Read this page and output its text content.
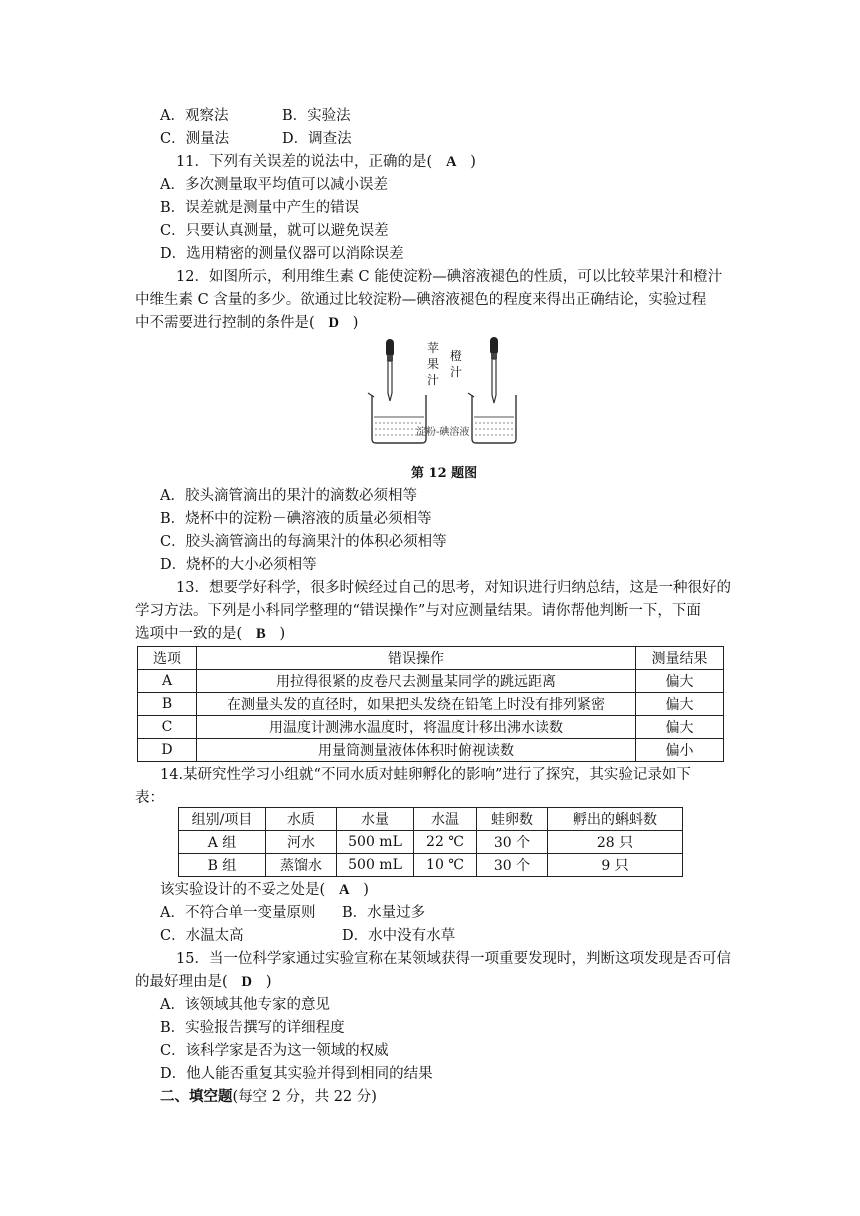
A．观察法	B．实验法
C．测量法	D．调查法
11．下列有关误差的说法中，正确的是( A )
A．多次测量取平均值可以减小误差
B．误差就是测量中产生的错误
C．只要认真测量，就可以避免误差
D．选用精密的测量仪器可以消除误差
12．如图所示，利用维生素 C 能使淀粉—碘溶液褪色的性质，可以比较苹果汁和橙汁
中维生素 C 含量的多少。欲通过比较淀粉—碘溶液褪色的程度来得出正确结论，实验过程
中不需要进行控制的条件是( D )
苹果汁
橙汁
淀粉-碘溶液
第 12 题图
A．胶头滴管滴出的果汁的滴数必须相等
B．烧杯中的淀粉－碘溶液的质量必须相等
C．胶头滴管滴出的每滴果汁的体积必须相等
D．烧杯的大小必须相等
13．想要学好科学，很多时候经过自己的思考，对知识进行归纳总结，这是一种很好的
学习方法。下列是小科同学整理的“错误操作”与对应测量结果。请你帮他判断一下，下面
选项中一致的是( B )
选项	错误操作	测量结果
A	用拉得很紧的皮卷尺去测量某同学的跳远距离	偏大
B	在测量头发的直径时，如果把头发绕在铅笔上时没有排列紧密	偏大
C	用温度计测沸水温度时，将温度计移出沸水读数	偏大
D	用量筒测量液体体积时俯视读数	偏小
14.某研究性学习小组就“不同水质对蛙卵孵化的影响”进行了探究，其实验记录如下
表：
组别/项目	水质	水量	水温	蛙卵数	孵出的蝌蚪数
A 组	河水	500 mL	22 ℃	30 个	28 只
B 组	蒸馏水	500 mL	10 ℃	30 个	9 只
该实验设计的不妥之处是( A )
A．不符合单一变量原则 B．水量过多
C．水温太高	D．水中没有水草
15．当一位科学家通过实验宣称在某领域获得一项重要发现时，判断这项发现是否可信
的最好理由是( D )
A．该领域其他专家的意见
B．实验报告撰写的详细程度
C．该科学家是否为这一领域的权威
D．他人能否重复其实验并得到相同的结果
二、填空题(每空 2 分，共 22 分)
